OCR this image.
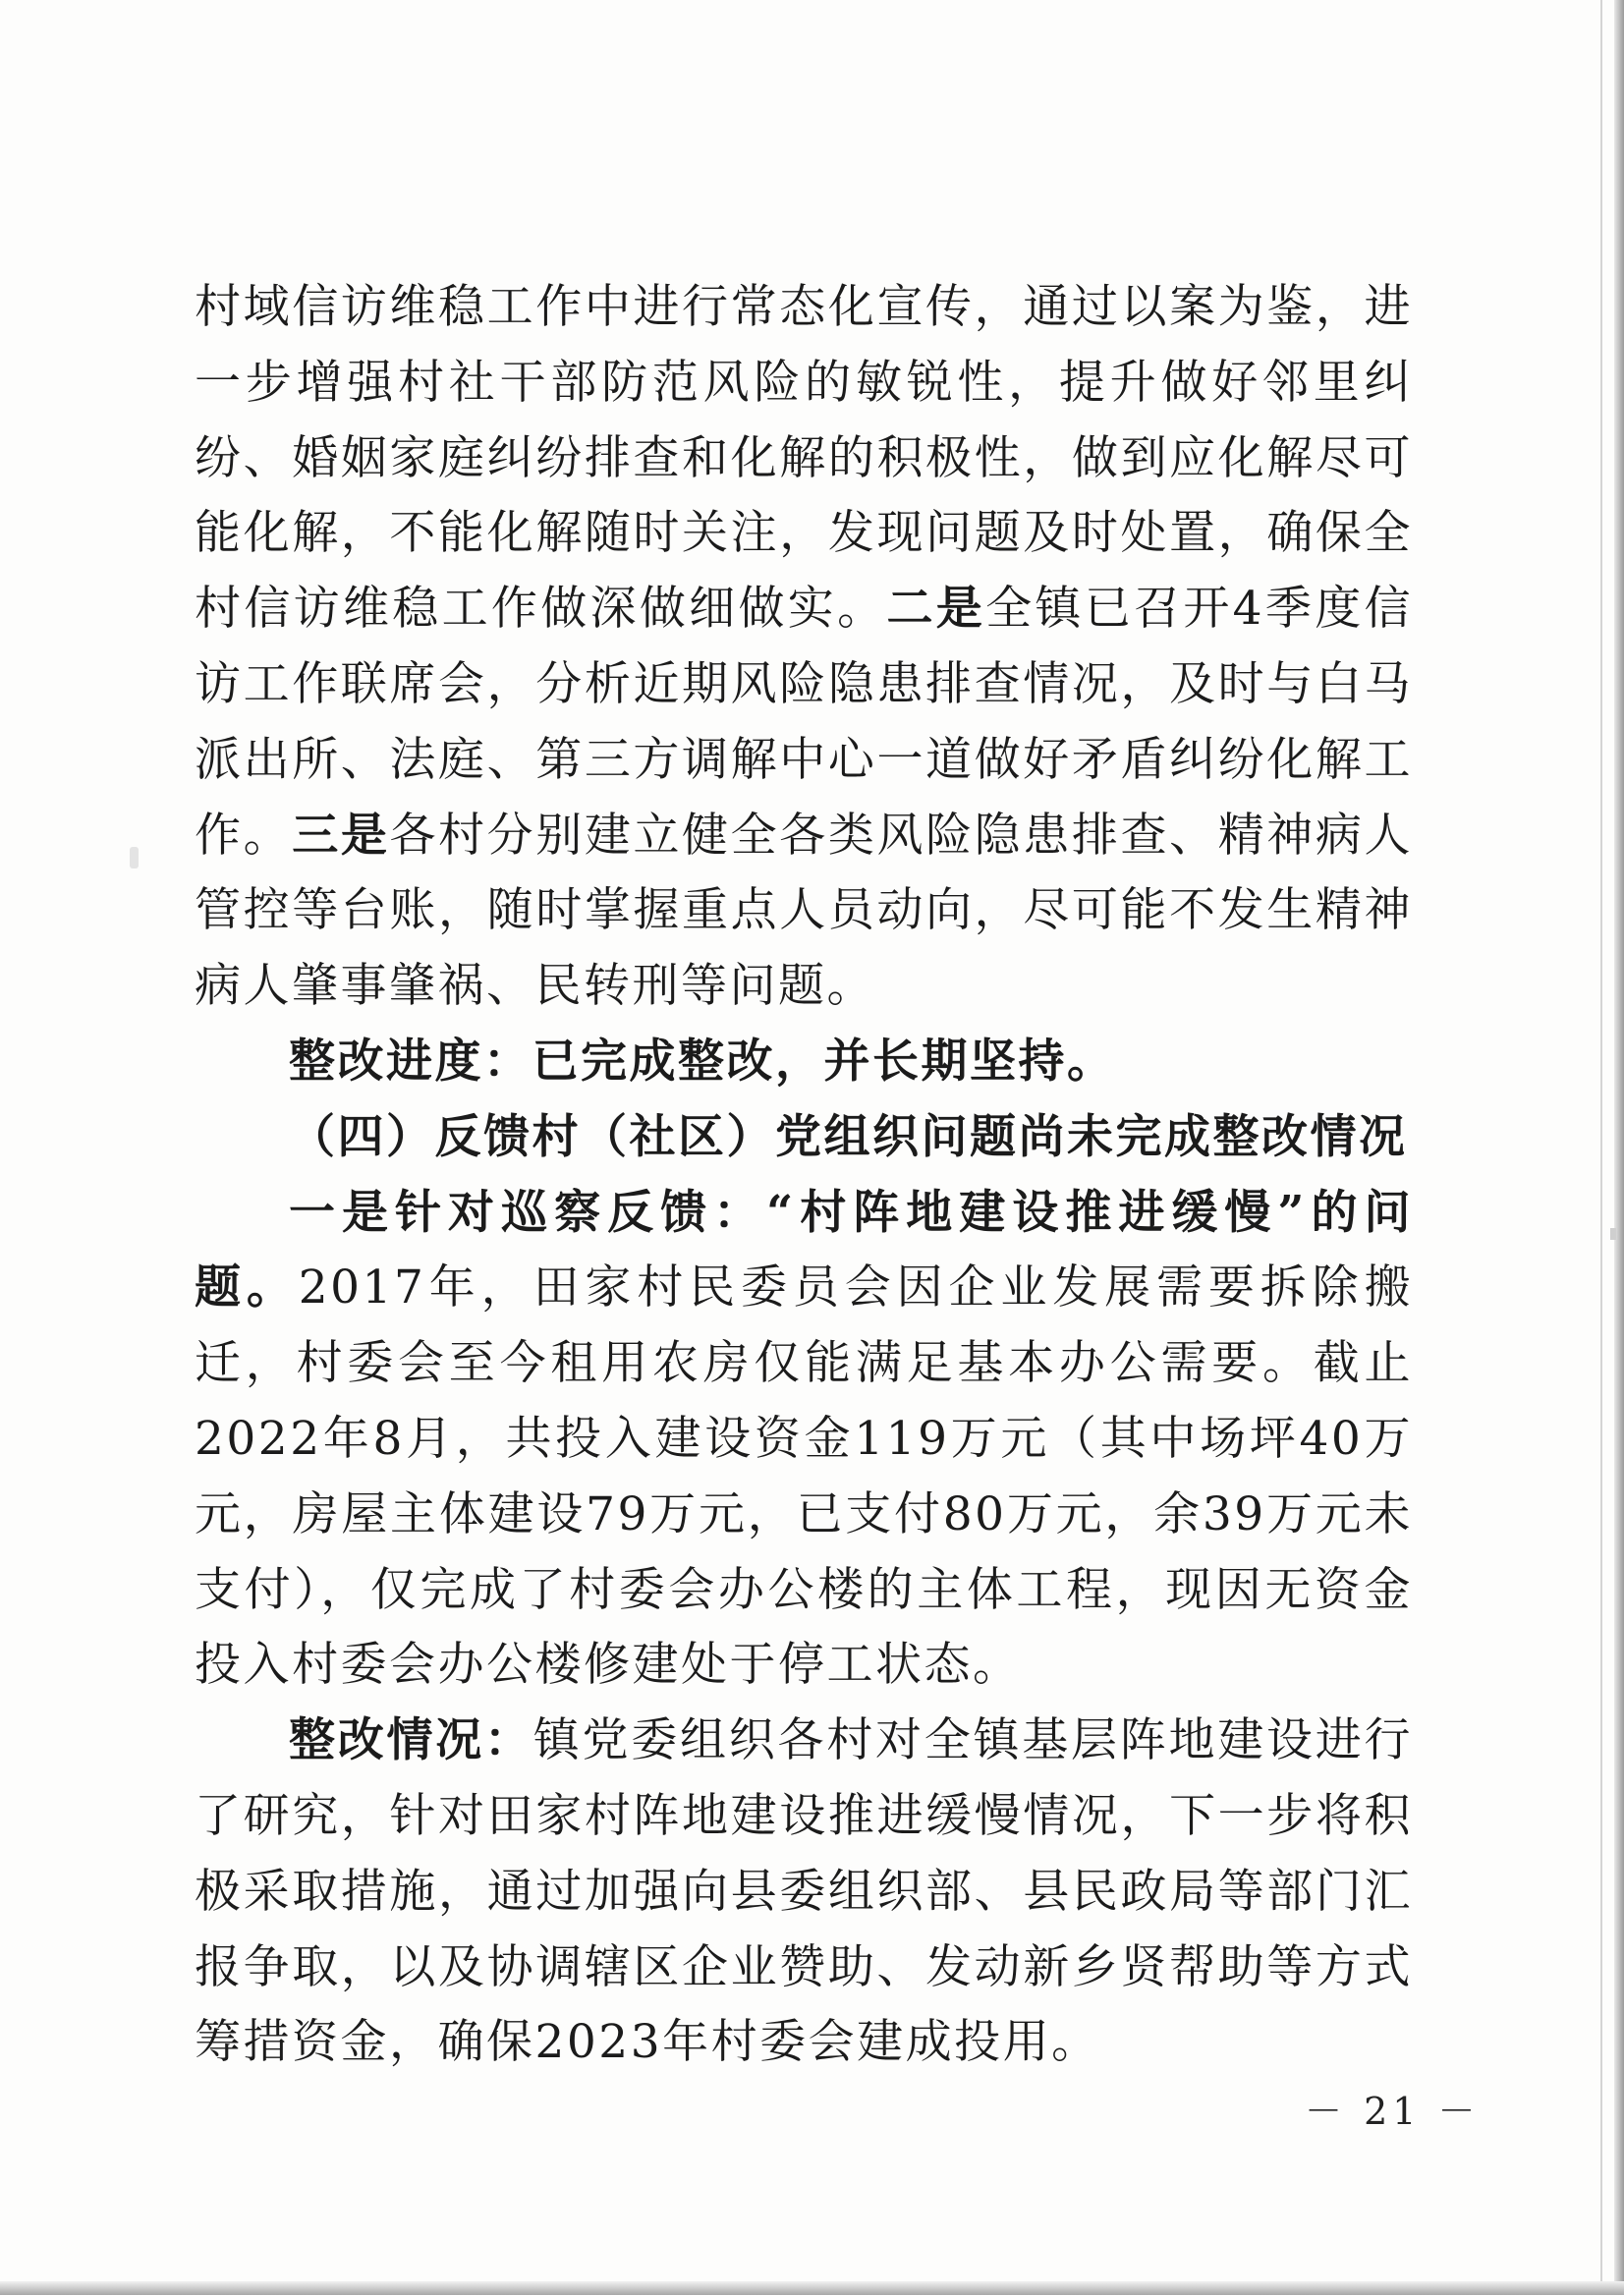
村域信访维稳工作中进行常态化宣传，通过以案为鉴，进一步增强村社干部防范风险的敏锐性，提升做好邻里纠纷、婚姻家庭纠纷排查和化解的积极性，做到应化解尽可能化解，不能化解随时关注，发现问题及时处置，确保全村信访维稳工作做深做细做实。二是全镇已召开4季度信访工作联席会，分析近期风险隐患排查情况，及时与白马派出所、法庭、第三方调解中心一道做好矛盾纠纷化解工作。三是各村分别建立健全各类风险隐患排查、精神病人管控等台账，随时掌握重点人员动向，尽可能不发生精神病人肇事肇祸、民转刑等问题。

整改进度：已完成整改，并长期坚持。

（四）反馈村（社区）党组织问题尚未完成整改情况

一是针对巡察反馈：“村阵地建设推进缓慢”的问题。2017年，田家村民委员会因企业发展需要拆除搬迁，村委会至今租用农房仅能满足基本办公需要。截止2022年8月，共投入建设资金119万元（其中场坪40万元，房屋主体建设79万元，已支付80万元，余39万元未支付），仅完成了村委会办公楼的主体工程，现因无资金投入村委会办公楼修建处于停工状态。

整改情况：镇党委组织各村对全镇基层阵地建设进行了研究，针对田家村阵地建设推进缓慢情况，下一步将积极采取措施，通过加强向县委组织部、县民政局等部门汇报争取，以及协调辖区企业赞助、发动新乡贤帮助等方式筹措资金，确保2023年村委会建成投用。

－ 21 －
